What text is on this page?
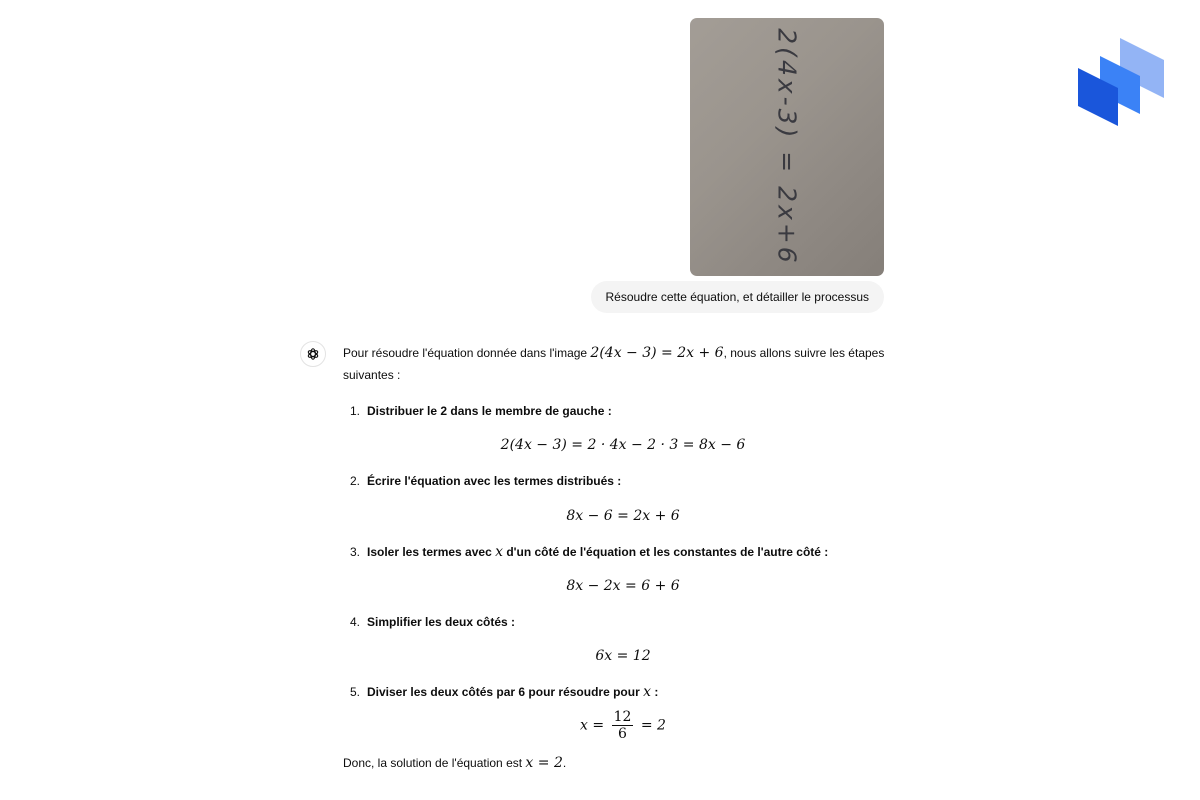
2(4x-3) = 2x+6
Résoudre cette équation, et détailler le processus

Pour résoudre l'équation donnée dans l'image 2(4x − 3) = 2x + 6, nous allons suivre les étapes suivantes :

1. Distribuer le 2 dans le membre de gauche :
2(4x − 3) = 2 · 4x − 2 · 3 = 8x − 6
2. Écrire l'équation avec les termes distribués :
8x − 6 = 2x + 6
3. Isoler les termes avec x d'un côté de l'équation et les constantes de l'autre côté :
8x − 2x = 6 + 6
4. Simplifier les deux côtés :
6x = 12
5. Diviser les deux côtés par 6 pour résoudre pour x :
$x = \frac{12}{6} = 2$

Donc, la solution de l'équation est x = 2.
